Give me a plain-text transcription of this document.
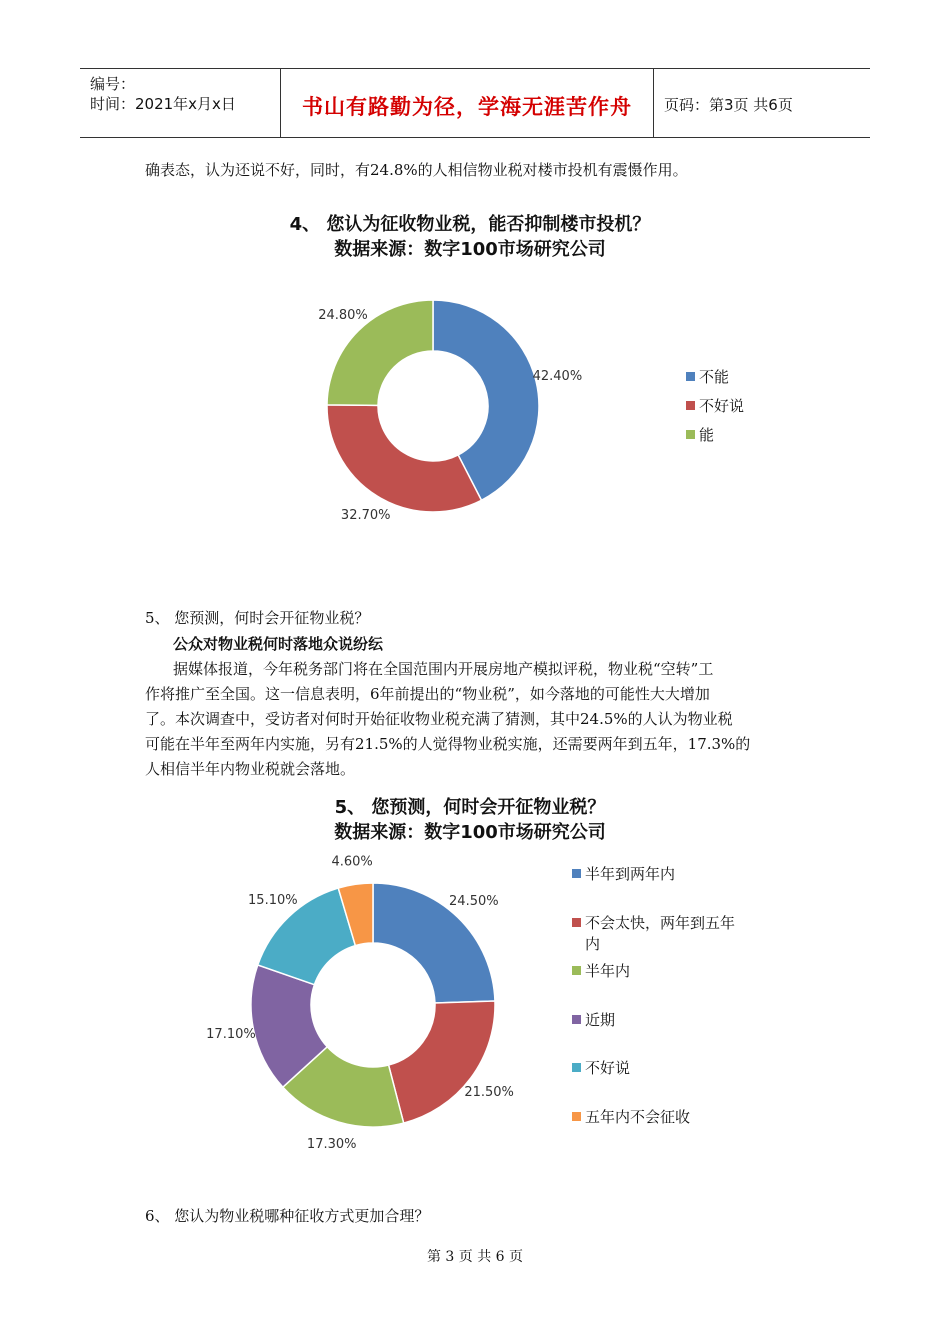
编号：
时间：2021年x月x日	书山有路勤为径，学海无涯苦作舟	页码：第3页 共6页
确表态，认为还说不好，同时，有24.8%的人相信物业税对楼市投机有震慑作用。
4、 您认为征收物业税，能否抑制楼市投机？
数据来源：数字100市场研究公司
42.40%
32.70%
24.80%
不能
不好说
能
5、 您预测，何时会开征物业税？
公众对物业税何时落地众说纷纭
据媒体报道，今年税务部门将在全国范围内开展房地产模拟评税，物业税“空转”工
作将推广至全国。这一信息表明，6年前提出的“物业税”，如今落地的可能性大大增加
了。本次调查中，受访者对何时开始征收物业税充满了猜测，其中24.5%的人认为物业税
可能在半年至两年内实施，另有21.5%的人觉得物业税实施，还需要两年到五年，17.3%的
人相信半年内物业税就会落地。
5、 您预测，何时会开征物业税？
数据来源：数字100市场研究公司
24.50%
21.50%
17.30%
17.10%
15.10%
4.60%
半年到两年内
不会太快，两年到五年
内
半年内
近期
不好说
五年内不会征收
6、 您认为物业税哪种征收方式更加合理？
第 3 页 共 6 页
